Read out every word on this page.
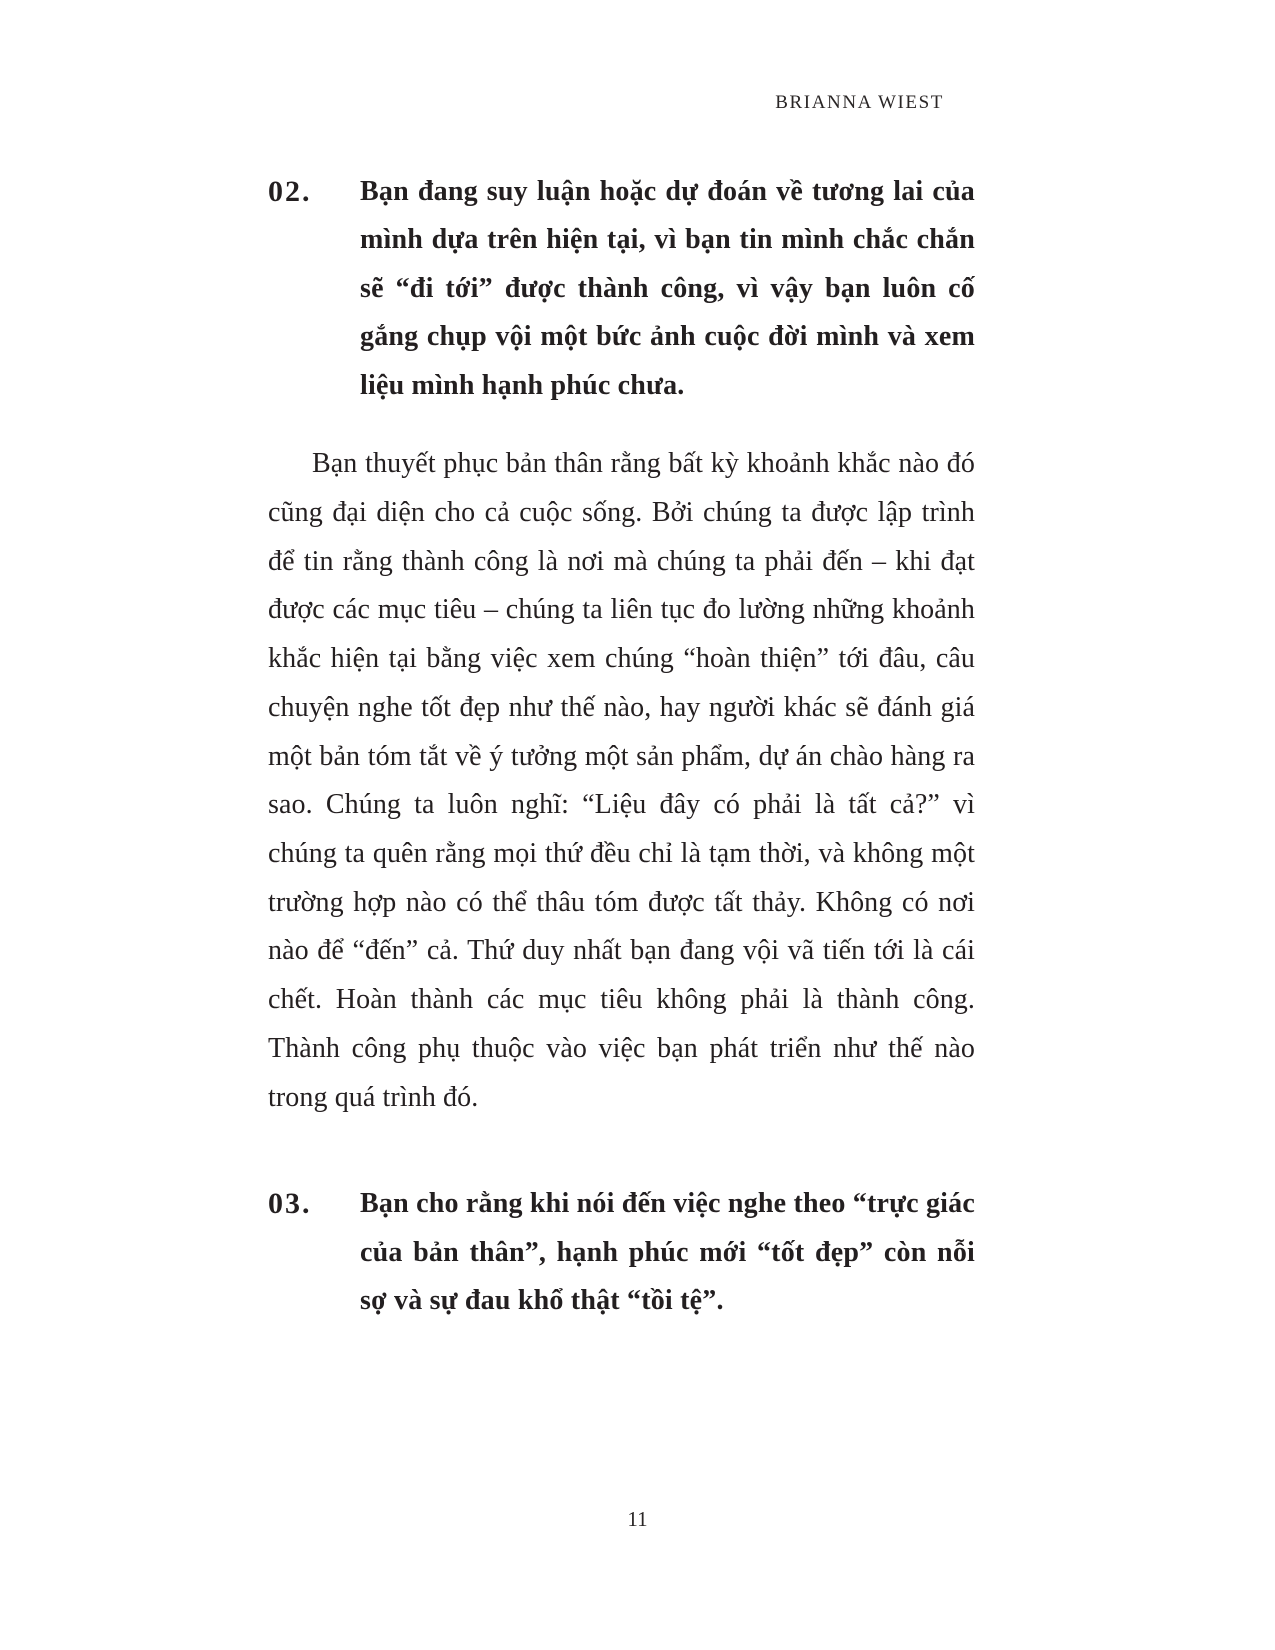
BRIANNA WIEST
02.	Bạn đang suy luận hoặc dự đoán về tương lai của mình dựa trên hiện tại, vì bạn tin mình chắc chắn sẽ “đi tới” được thành công, vì vậy bạn luôn cố gắng chụp vội một bức ảnh cuộc đời mình và xem liệu mình hạnh phúc chưa.

Bạn thuyết phục bản thân rằng bất kỳ khoảnh khắc nào đó cũng đại diện cho cả cuộc sống. Bởi chúng ta được lập trình để tin rằng thành công là nơi mà chúng ta phải đến – khi đạt được các mục tiêu – chúng ta liên tục đo lường những khoảnh khắc hiện tại bằng việc xem chúng “hoàn thiện” tới đâu, câu chuyện nghe tốt đẹp như thế nào, hay người khác sẽ đánh giá một bản tóm tắt về ý tưởng một sản phẩm, dự án chào hàng ra sao. Chúng ta luôn nghĩ: “Liệu đây có phải là tất cả?” vì chúng ta quên rằng mọi thứ đều chỉ là tạm thời, và không một trường hợp nào có thể thâu tóm được tất thảy. Không có nơi nào để “đến” cả. Thứ duy nhất bạn đang vội vã tiến tới là cái chết. Hoàn thành các mục tiêu không phải là thành công. Thành công phụ thuộc vào việc bạn phát triển như thế nào trong quá trình đó.

03.	Bạn cho rằng khi nói đến việc nghe theo “trực giác của bản thân”, hạnh phúc mới “tốt đẹp” còn nỗi sợ và sự đau khổ thật “tồi tệ”.
11
